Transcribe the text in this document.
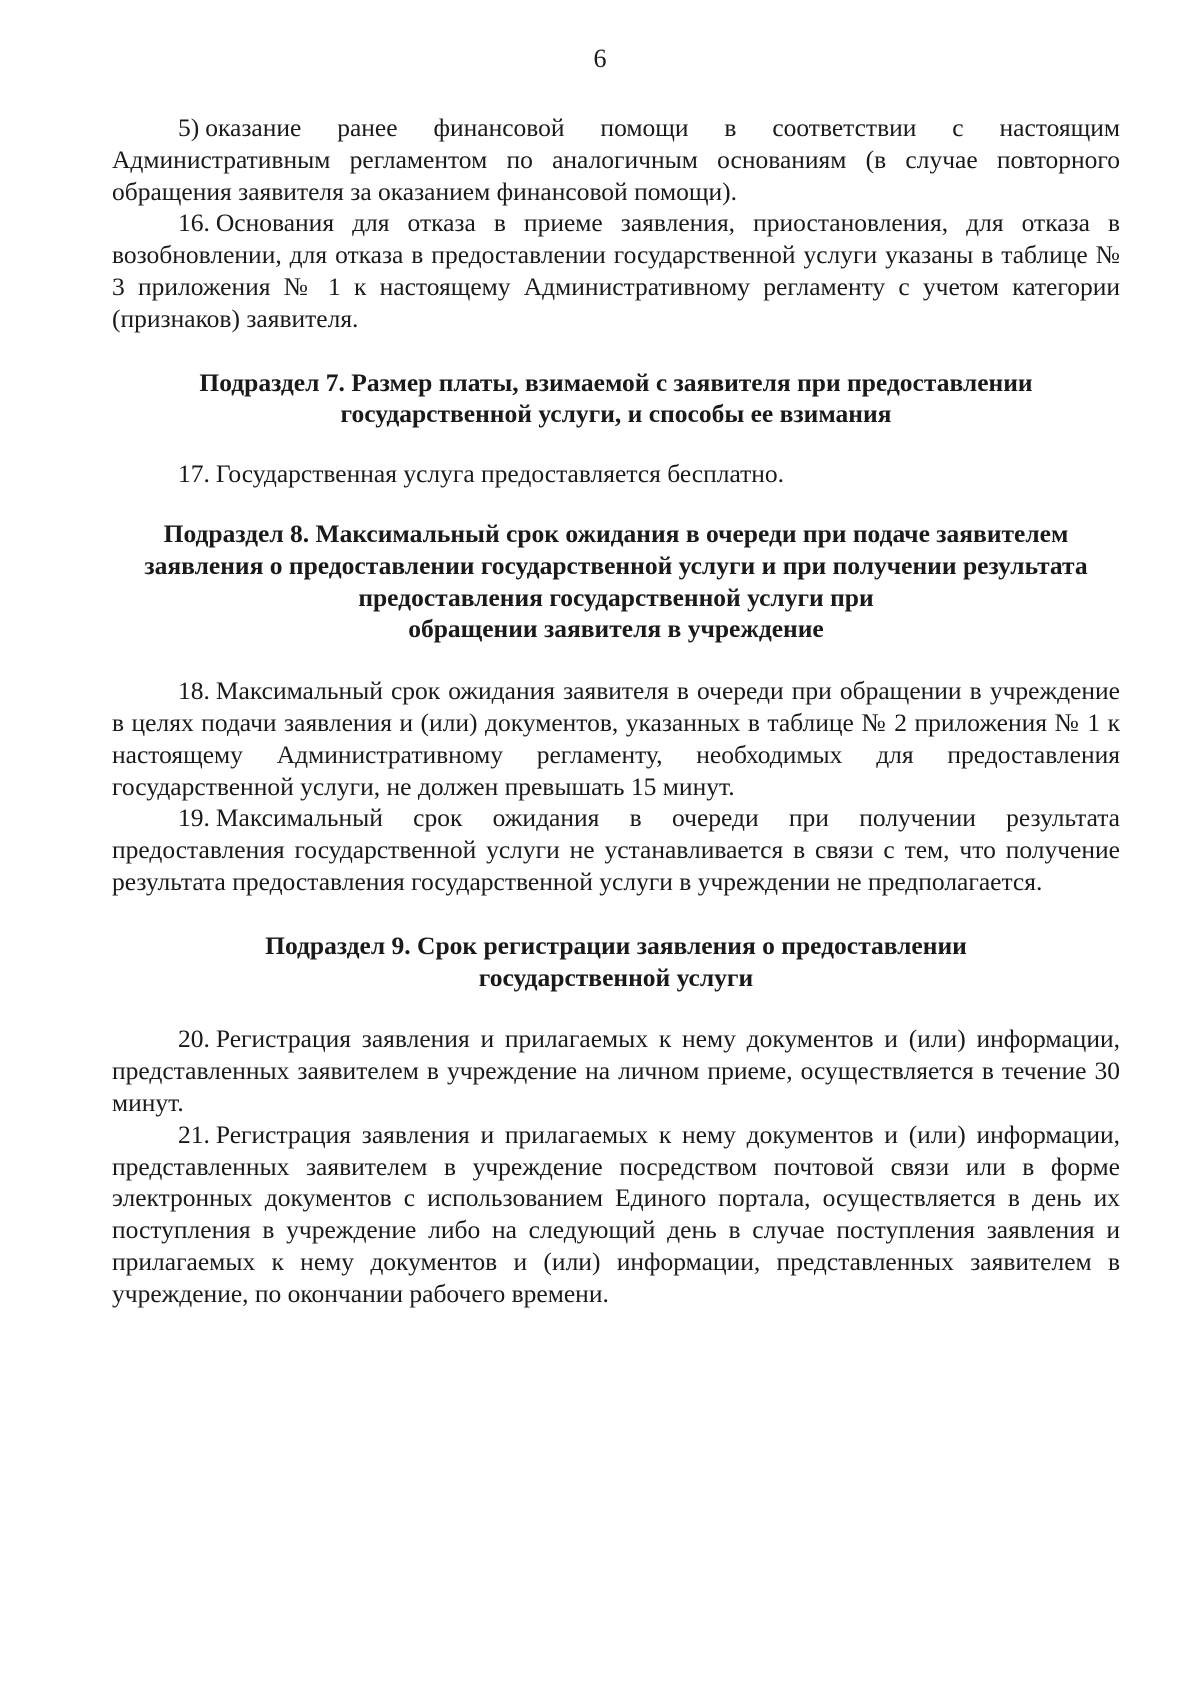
6

5) оказание ранее финансовой помощи в соответствии с настоящим Административным регламентом по аналогичным основаниям (в случае повторного обращения заявителя за оказанием финансовой помощи).

16. Основания для отказа в приеме заявления, приостановления, для отказа в возобновлении, для отказа в предоставлении государственной услуги указаны в таблице № 3 приложения № 1 к настоящему Административному регламенту с учетом категории (признаков) заявителя.

Подраздел 7. Размер платы, взимаемой с заявителя при предоставлении
государственной услуги, и способы ее взимания

17. Государственная услуга предоставляется бесплатно.

Подраздел 8. Максимальный срок ожидания в очереди при подаче заявителем
заявления о предоставлении государственной услуги и при получении результата
предоставления государственной услуги при
обращении заявителя в учреждение

18. Максимальный срок ожидания заявителя в очереди при обращении в учреждение в целях подачи заявления и (или) документов, указанных в таблице № 2 приложения № 1 к настоящему Административному регламенту, необходимых для предоставления государственной услуги, не должен превышать 15 минут.

19. Максимальный срок ожидания в очереди при получении результата предоставления государственной услуги не устанавливается в связи с тем, что получение результата предоставления государственной услуги в учреждении не предполагается.

Подраздел 9. Срок регистрации заявления о предоставлении
государственной услуги

20. Регистрация заявления и прилагаемых к нему документов и (или) информации, представленных заявителем в учреждение на личном приеме, осуществляется в течение 30 минут.

21. Регистрация заявления и прилагаемых к нему документов и (или) информации, представленных заявителем в учреждение посредством почтовой связи или в форме электронных документов с использованием Единого портала, осуществляется в день их поступления в учреждение либо на следующий день в случае поступления заявления и прилагаемых к нему документов и (или) информации, представленных заявителем в учреждение, по окончании рабочего времени.
